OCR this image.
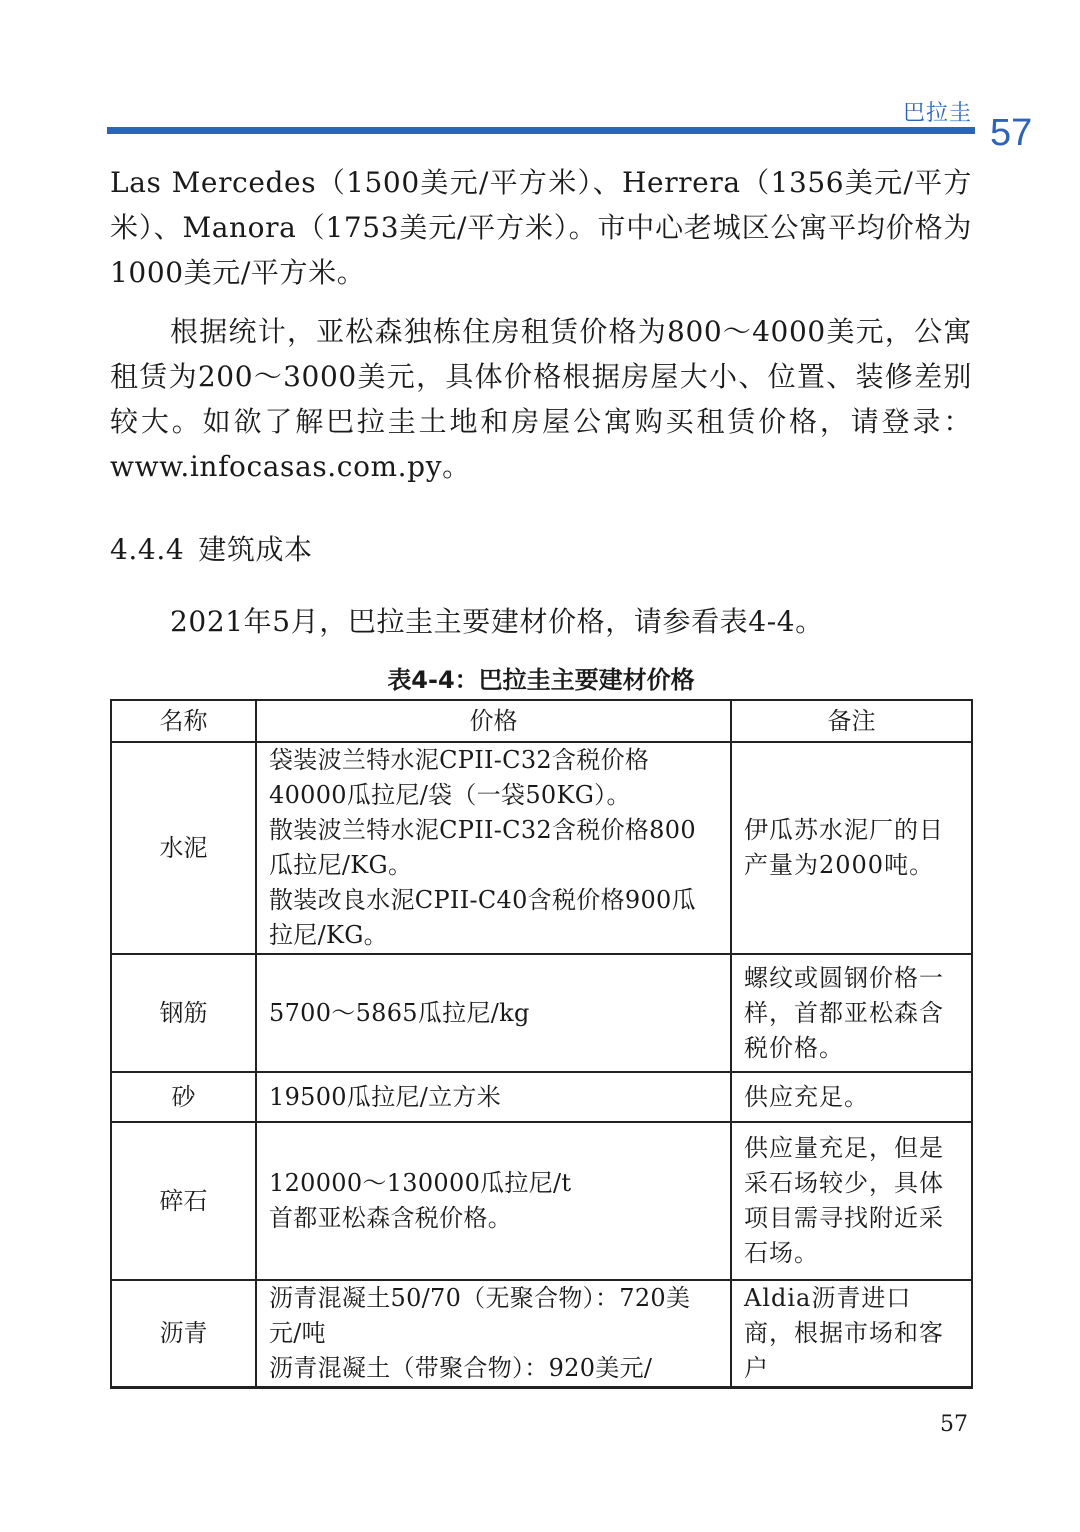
巴拉圭 57

Las Mercedes（1500美元/平方米）、Herrera（1356美元/平方米）、Manora（1753美元/平方米）。市中心老城区公寓平均价格为1000美元/平方米。

根据统计，亚松森独栋住房租赁价格为800～4000美元，公寓租赁为200～3000美元，具体价格根据房屋大小、位置、装修差别较大。如欲了解巴拉圭土地和房屋公寓购买租赁价格，请登录：www.infocasas.com.py。

4.4.4 建筑成本
2021年5月，巴拉圭主要建材价格，请参看表4-4。
表4-4：巴拉圭主要建材价格
名称	价格	备注
水泥	袋装波兰特水泥CPII-C32含税价格40000瓜拉尼/袋（一袋50KG）。
散装波兰特水泥CPII-C32含税价格800瓜拉尼/KG。
散装改良水泥CPII-C40含税价格900瓜拉尼/KG。	伊瓜苏水泥厂的日产量为2000吨。
钢筋	5700～5865瓜拉尼/kg	螺纹或圆钢价格一样，首都亚松森含税价格。
砂	19500瓜拉尼/立方米	供应充足。
碎石	120000～130000瓜拉尼/t
首都亚松森含税价格。	供应量充足，但是采石场较少，具体项目需寻找附近采石场。
沥青	沥青混凝土50/70（无聚合物）：720美元/吨
沥青混凝土（带聚合物）：920美元/	Aldia沥青进口商，根据市场和客户
57
